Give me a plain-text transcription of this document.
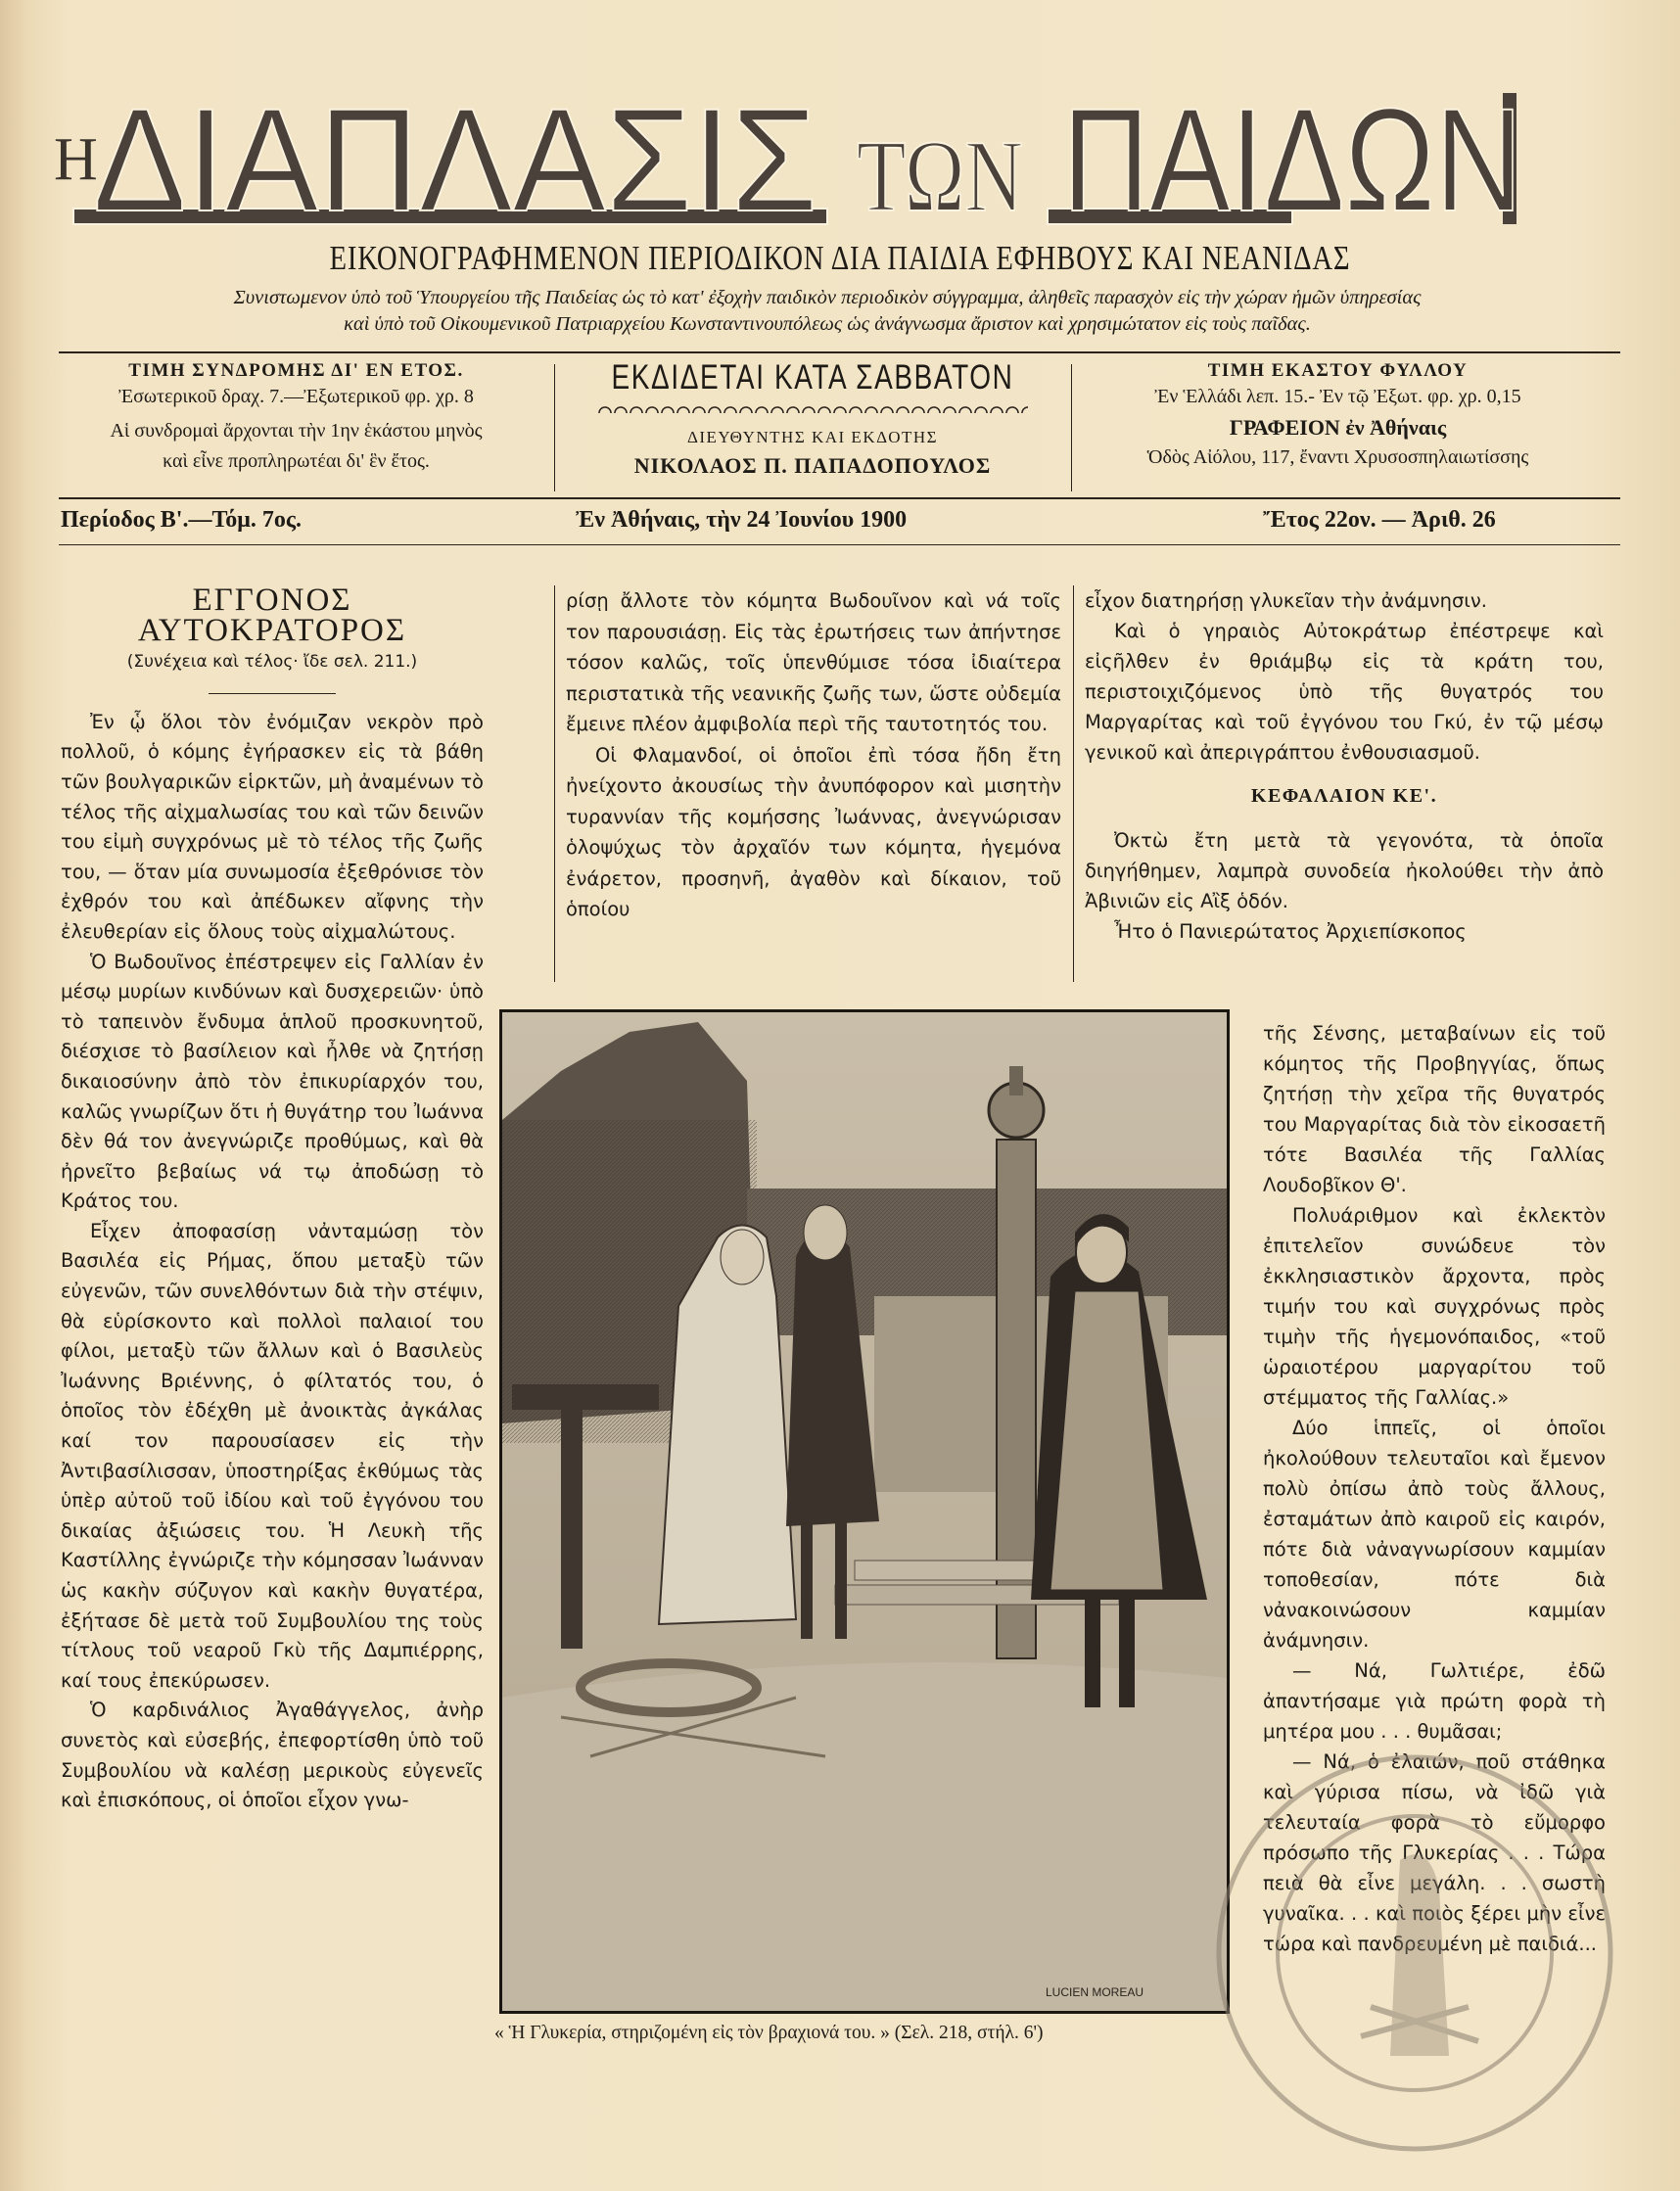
Η
ΔΙΑΠΛΑΣΙΣ ΤΩΝ ΠΑΙΔΩΝ
ΕΙΚΟΝΟΓΡΑΦΗΜΕΝΟΝ ΠΕΡΙΟΔΙΚΟΝ ΔΙΑ ΠΑΙΔΙΑ ΕΦΗΒΟΥΣ ΚΑΙ ΝΕΑΝΙΔΑΣ
Συνιστωμενον ὑπὸ τοῦ Ὑπουργείου τῆς Παιδείας ὡς τὸ κατ' ἐξοχὴν παιδικὸν περιοδικὸν σύγγραμμα, ἀληθεῖς παρασχὸν εἰς τὴν χώραν ἡμῶν ὑπηρεσίας
καὶ ὑπὸ τοῦ Οἰκουμενικοῦ Πατριαρχείου Κωνσταντινουπόλεως ὡς ἀνάγνωσμα ἄριστον καὶ χρησιμώτατον εἰς τοὺς παῖδας.
ΤΙΜΗ ΣΥΝΔΡΟΜΗΣ ΔΙ' ΕΝ ΕΤΟΣ.
Ἐσωτερικοῦ δραχ. 7.—Ἐξωτερικοῦ φρ. χρ. 8
Αἱ συνδρομαὶ ἄρχονται τὴν 1ην ἑκάστου μηνὸς
καὶ εἶνε προπληρωτέαι δι' ἓν ἔτος.
ΕΚΔΙΔΕΤΑΙ ΚΑΤΑ ΣΑΒΒΑΤΟΝ
ΔΙΕΥΘΥΝΤΗΣ ΚΑΙ ΕΚΔΟΤΗΣ
ΝΙΚΟΛΑΟΣ Π. ΠΑΠΑΔΟΠΟΥΛΟΣ
ΤΙΜΗ ΕΚΑΣΤΟΥ ΦΥΛΛΟΥ
Ἐν Ἑλλάδι λεπ. 15.- Ἐν τῷ Ἐξωτ. φρ. χρ. 0,15
ΓΡΑΦΕΙΟΝ ἐν Ἀθήναις
Ὁδὸς Αἰόλου, 117, ἔναντι Χρυσοσπηλαιωτίσσης
Περίοδος Β'.—Τόμ. 7ος.	Ἐν Ἀθήναις, τὴν 24 Ἰουνίου 1900	Ἔτος 22ον. — Ἀριθ. 26
ΕΓΓΟΝΟΣ ΑΥΤΟΚΡΑΤΟΡΟΣ
(Συνέχεια καὶ τέλος· ἴδε σελ. 211.)

Ἐν ᾧ ὅλοι τὸν ἐνόμιζαν νεκρὸν πρὸ πολλοῦ, ὁ κόμης ἐγήρασκεν εἰς τὰ βάθη τῶν βουλγαρικῶν εἱρκτῶν, μὴ ἀναμένων τὸ τέλος τῆς αἰχμαλωσίας του καὶ τῶν δεινῶν του εἰμὴ συγχρόνως μὲ τὸ τέλος τῆς ζωῆς του, — ὅταν μία συνωμοσία ἐξεθρόνισε τὸν ἐχθρόν του καὶ ἀπέδωκεν αἴφνης τὴν ἐλευθερίαν εἰς ὅλους τοὺς αἰχμαλώτους.

Ὁ Βωδουῖνος ἐπέστρεψεν εἰς Γαλλίαν ἐν μέσῳ μυρίων κινδύνων καὶ δυσχερειῶν· ὑπὸ τὸ ταπεινὸν ἔνδυμα ἁπλοῦ προσκυνητοῦ, διέσχισε τὸ βασίλειον καὶ ἦλθε νὰ ζητήσῃ δικαιοσύνην ἀπὸ τὸν ἐπικυρίαρχόν του, καλῶς γνωρίζων ὅτι ἡ θυγάτηρ του Ἰωάννα δὲν θά τον ἀνεγνώριζε προθύμως, καὶ θὰ ἠρνεῖτο βεβαίως νά τῳ ἀποδώσῃ τὸ Κράτος του.

Εἶχεν ἀποφασίσῃ νἀνταμώσῃ τὸν Βασιλέα εἰς Ρήμας, ὅπου μεταξὺ τῶν εὐγενῶν, τῶν συνελθόντων διὰ τὴν στέψιν, θὰ εὑρίσκοντο καὶ πολλοὶ παλαιοί του φίλοι, μεταξὺ τῶν ἄλλων καὶ ὁ Βασιλεὺς Ἰωάννης Βριέννης, ὁ φίλτατός του, ὁ ὁποῖος τὸν ἐδέχθη μὲ ἀνοικτὰς ἀγκάλας καί τον παρουσίασεν εἰς τὴν Ἀντιβασίλισσαν, ὑποστηρίξας ἐκθύμως τὰς ὑπὲρ αὐτοῦ τοῦ ἰδίου καὶ τοῦ ἐγγόνου του δικαίας ἀξιώσεις του. Ἡ Λευκὴ τῆς Καστίλλης ἐγνώριζε τὴν κόμησσαν Ἰωάνναν ὡς κακὴν σύζυγον καὶ κακὴν θυγατέρα, ἐξήτασε δὲ μετὰ τοῦ Συμβουλίου της τοὺς τίτλους τοῦ νεαροῦ Γκὺ τῆς Δαμπιέρρης, καί τους ἐπεκύρωσεν.

Ὁ καρδινάλιος Ἀγαθάγγελος, ἀνὴρ συνετὸς καὶ εὐσεβής, ἐπεφορτίσθη ὑπὸ τοῦ Συμβουλίου νὰ καλέσῃ μερικοὺς εὐγενεῖς καὶ ἐπισκόπους, οἱ ὁποῖοι εἶχον γνω-

ρίσῃ ἄλλοτε τὸν κόμητα Βωδουῖνον καὶ νά τοῖς τον παρουσιάσῃ. Εἰς τὰς ἐρωτήσεις των ἀπήντησε τόσον καλῶς, τοῖς ὑπενθύμισε τόσα ἰδιαίτερα περιστατικὰ τῆς νεανικῆς ζωῆς των, ὥστε οὐδεμία ἔμεινε πλέον ἀμφιβολία περὶ τῆς ταυτοτητός του.

Οἱ Φλαμανδοί, οἱ ὁποῖοι ἐπὶ τόσα ἤδη ἔτη ἠνείχοντο ἀκουσίως τὴν ἀνυπόφορον καὶ μισητὴν τυραννίαν τῆς κομήσσης Ἰωάννας, ἀνεγνώρισαν ὁλοψύχως τὸν ἀρχαῖόν των κόμητα, ἡγεμόνα ἐνάρετον, προσηνῆ, ἀγαθὸν καὶ δίκαιον, τοῦ ὁποίου

εἶχον διατηρήσῃ γλυκεῖαν τὴν ἀνάμνησιν.

Καὶ ὁ γηραιὸς Αὐτοκράτωρ ἐπέστρεψε καὶ εἰςῆλθεν ἐν θριάμβῳ εἰς τὰ κράτη του, περιστοιχιζόμενος ὑπὸ τῆς θυγατρός του Μαργαρίτας καὶ τοῦ ἐγγόνου του Γκύ, ἐν τῷ μέσῳ γενικοῦ καὶ ἀπεριγράπτου ἐνθουσιασμοῦ.

ΚΕΦΑΛΑΙΟΝ ΚΕ'.

Ὀκτὼ ἔτη μετὰ τὰ γεγονότα, τὰ ὁποῖα διηγήθημεν, λαμπρὰ συνοδεία ἠκολούθει τὴν ἀπὸ Ἀβινιῶν εἰς Αἲξ ὁδόν.

Ἦτο ὁ Πανιερώτατος Ἀρχιεπίσκοπος

τῆς Σένσης, μεταβαίνων εἰς τοῦ κόμητος τῆς Προβηγγίας, ὅπως ζητήσῃ τὴν χεῖρα τῆς θυγατρός του Μαργαρίτας διὰ τὸν εἰκοσαετῆ τότε Βασιλέα τῆς Γαλλίας Λουδοβῖκον Θ'.

Πολυάριθμον καὶ ἐκλεκτὸν ἐπιτελεῖον συνώδευε τὸν ἐκκλησιαστικὸν ἄρχοντα, πρὸς τιμήν του καὶ συγχρόνως πρὸς τιμὴν τῆς ἡγεμονόπαιδος, «τοῦ ὡραιοτέρου μαργαρίτου τοῦ στέμματος τῆς Γαλλίας.»

Δύο ἱππεῖς, οἱ ὁποῖοι ἠκολούθουν τελευταῖοι καὶ ἔμενον πολὺ ὀπίσω ἀπὸ τοὺς ἄλλους, ἐσταμάτων ἀπὸ καιροῦ εἰς καιρόν, πότε διὰ νἀναγνωρίσουν καμμίαν τοποθεσίαν, πότε διὰ νἀνακοινώσουν καμμίαν ἀνάμνησιν.

— Νά, Γωλτιέρε, ἐδῶ ἀπαντήσαμε γιὰ πρώτη φορὰ τὴ μητέρα μου . . . θυμᾶσαι;

— Νά, ὁ ἐλαιών, ποῦ στάθηκα καὶ γύρισα πίσω, νὰ ἰδῶ γιὰ τελευταία φορὰ τὸ εὔμορφο πρόσωπο τῆς Γλυκερίας . . . Τώρα πειὰ θὰ εἶνε μεγάλη. . . σωστὴ γυναῖκα. . . καὶ ποιὸς ξέρει μὴν εἶνε τώρα καὶ πανδρευμένη μὲ παιδιά...

LUCIEN MOREAU
« Ἡ Γλυκερία, στηριζομένη εἰς τὸν βραχιονά του. » (Σελ. 218, στήλ. 6')
